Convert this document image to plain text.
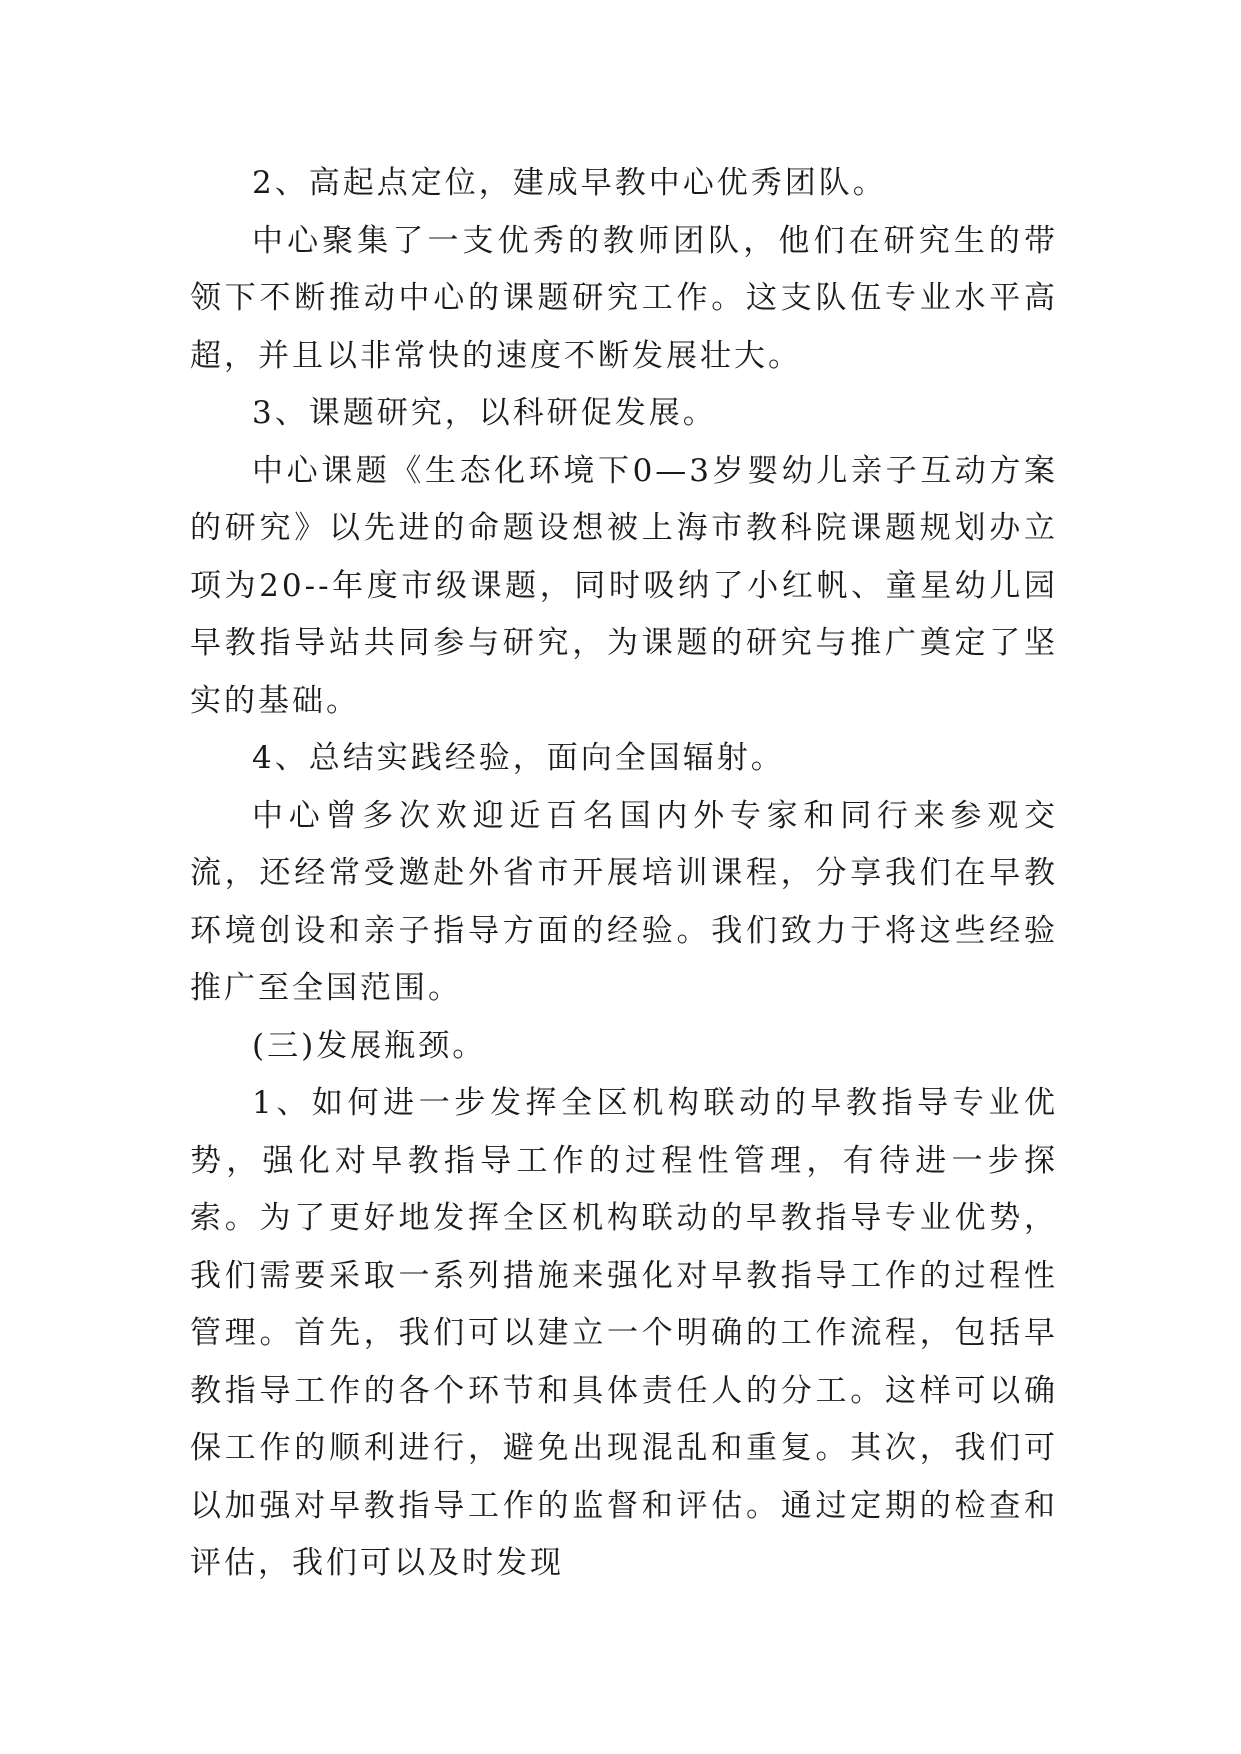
2、高起点定位，建成早教中心优秀团队。

中心聚集了一支优秀的教师团队，他们在研究生的带领下不断推动中心的课题研究工作。这支队伍专业水平高超，并且以非常快的速度不断发展壮大。

3、课题研究，以科研促发展。

中心课题《生态化环境下0—3岁婴幼儿亲子互动方案的研究》以先进的命题设想被上海市教科院课题规划办立项为20--年度市级课题，同时吸纳了小红帆、童星幼儿园早教指导站共同参与研究，为课题的研究与推广奠定了坚实的基础。

4、总结实践经验，面向全国辐射。

中心曾多次欢迎近百名国内外专家和同行来参观交流，还经常受邀赴外省市开展培训课程，分享我们在早教环境创设和亲子指导方面的经验。我们致力于将这些经验推广至全国范围。

(三)发展瓶颈。

1、如何进一步发挥全区机构联动的早教指导专业优势，强化对早教指导工作的过程性管理，有待进一步探索。为了更好地发挥全区机构联动的早教指导专业优势，我们需要采取一系列措施来强化对早教指导工作的过程性管理。首先，我们可以建立一个明确的工作流程，包括早教指导工作的各个环节和具体责任人的分工。这样可以确保工作的顺利进行，避免出现混乱和重复。其次，我们可以加强对早教指导工作的监督和评估。通过定期的检查和评估，我们可以及时发现
